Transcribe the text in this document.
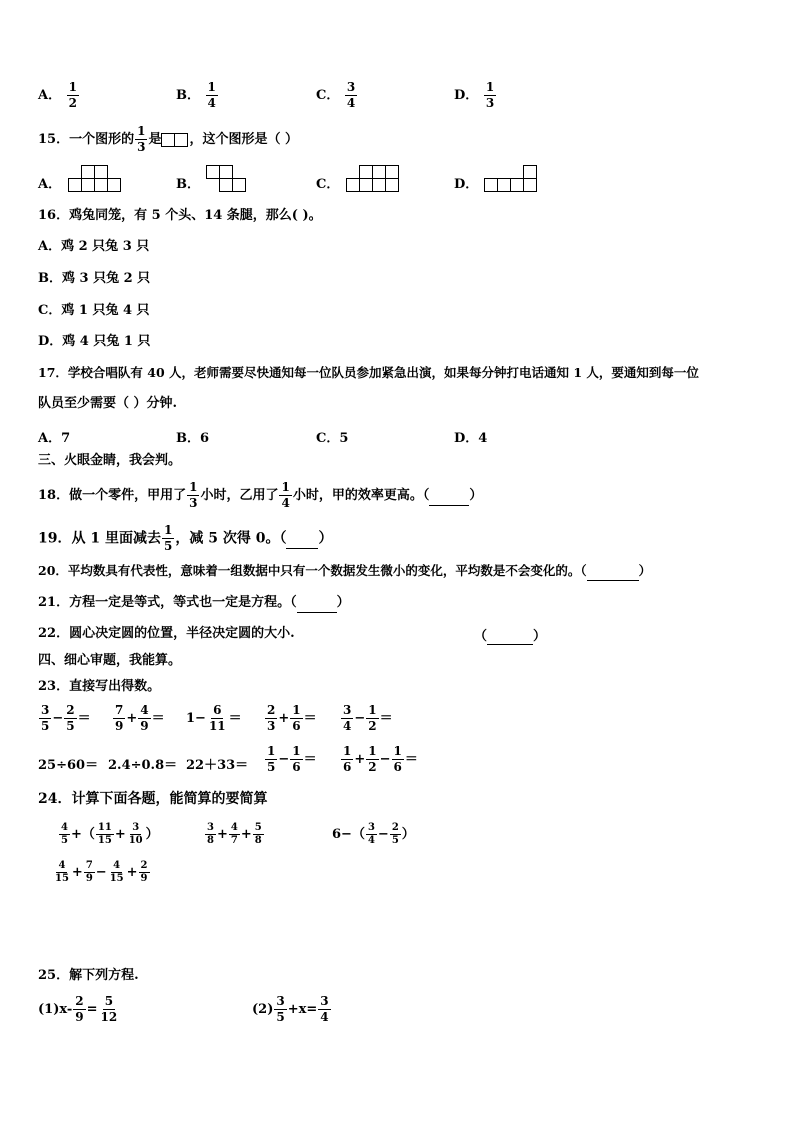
A． $\frac{1}{2}$	B． $\frac{1}{4}$	C． $\frac{3}{4}$	D． $\frac{1}{3}$
15．一个图形的 $\frac{1}{3}$ 是 ，这个图形是（ ）
A．	B．	C．	D．
16．鸡兔同笼，有 5 个头、14 条腿，那么( )。
A．鸡 2 只兔 3 只
B．鸡 3 只兔 2 只
C．鸡 1 只兔 4 只
D．鸡 4 只兔 1 只
17．学校合唱队有 40 人，老师需要尽快通知每一位队员参加紧急出演，如果每分钟打电话通知 1 人，要通知到每一位
队员至少需要（ ）分钟.
A．7	B．6	C．5	D．4
三、火眼金睛，我会判。
18．做一个零件，甲用了 $\frac{1}{3}$ 小时，乙用了 $\frac{1}{4}$ 小时，甲的效率更高。（	）
19．从 1 里面减去 $\frac{1}{5}$ ，减 5 次得 0。（ ）
20．平均数具有代表性，意味着一组数据中只有一个数据发生微小的变化，平均数是不会变化的。（	）
21．方程一定是等式，等式也一定是方程。（	）
22．圆心决定圆的位置，半径决定圆的大小.	（	）
四、细心审题，我能算。
23．直接写出得数。
$\frac{3}{5} - \frac{2}{5} = \frac{7}{9} + \frac{4}{9} = 1- \frac{6}{11} = \frac{2}{3} + \frac{1}{6} = \frac{3}{4} - \frac{1}{2}$ ＝
$25\div 60= 2.4\div 0.8= 22+33= \frac{1}{5} - \frac{1}{6} = \frac{1}{6} + \frac{1}{2} - \frac{1}{6}$ ＝
24．计算下面各题，能简算的要简算
$\frac{4}{5}$ +（ $\frac{11}{15} + \frac{3}{10}$ ）	$\frac{3}{8} + \frac{4}{7} + \frac{5}{8}$	$6-( \frac{3}{4} - \frac{2}{5}$ ）
$\frac{4}{15} + \frac{7}{9} - \frac{4}{15} + \frac{2}{9}$
25．解下列方程.
$(1)x- \frac{2}{9} = \frac{5}{12}$	$(2) \frac{3}{5} +x= \frac{3}{4}$
